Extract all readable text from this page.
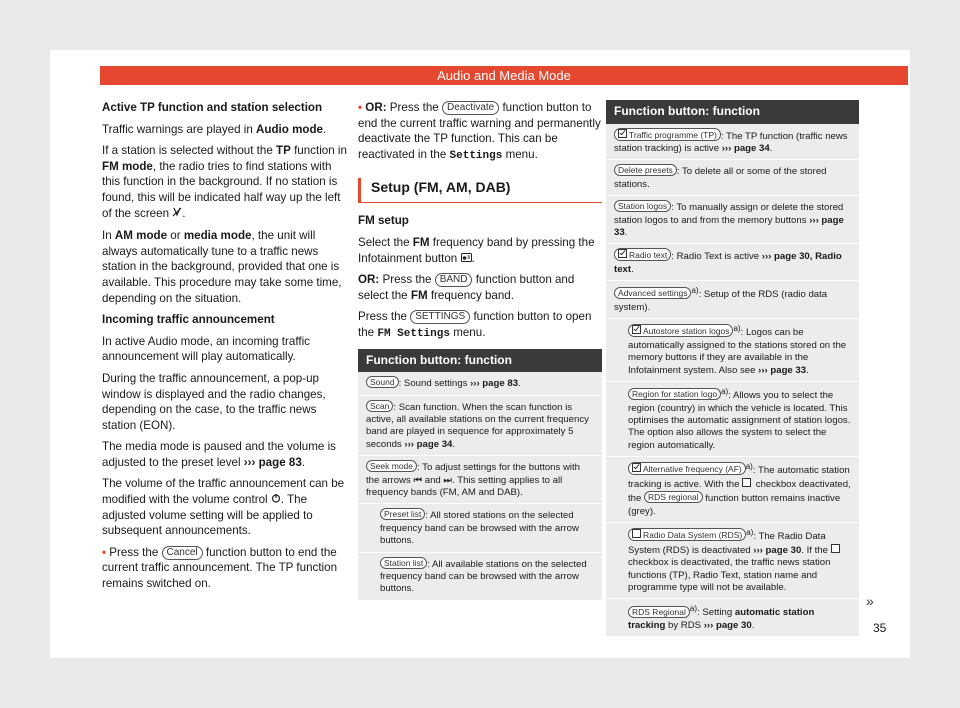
Audio and Media Mode

Active TP function and station selection

Traffic warnings are played in Audio mode.

If a station is selected without the TP function in FM mode, the radio tries to find stations with this function in the background. If no station is found, this will be indicated half way up the left of the screen .

In AM mode or media mode, the unit will always automatically tune to a traffic news station in the background, provided that one is available. This procedure may take some time, depending on the situation.

Incoming traffic announcement

In active Audio mode, an incoming traffic announcement will play automatically.

During the traffic announcement, a pop-up window is displayed and the radio changes, depending on the case, to the traffic news station (EON).

The media mode is paused and the volume is adjusted to the preset level ››› page 83.

The volume of the traffic announcement can be modified with the volume control . The adjusted volume setting will be applied to subsequent announcements.

• Press the Cancel function button to end the current traffic announcement. The TP function remains switched on.

• OR: Press the Deactivate function button to end the current traffic warning and permanently deactivate the TP function. This can be reactivated in the Settings menu.

Setup (FM, AM, DAB)

FM setup

Select the FM frequency band by pressing the Infotainment button .

OR: Press the BAND function button and select the FM frequency band.

Press the SETTINGS function button to open the FM Settings menu.

Function button: function
Sound : Sound settings ››› page 83.
Scan : Scan function. When the scan function is active, all available stations on the current frequency band are played in sequence for approximately 5 seconds ››› page 34.
Seek mode : To adjust settings for the buttons with the arrows ⏮ and ⏭. This setting applies to all frequency bands (FM, AM and DAB).
Preset list : All stored stations on the selected frequency band can be browsed with the arrow buttons.
Station list : All available stations on the selected frequency band can be browsed with the arrow buttons.
Function button: function
Traffic programme (TP) : The TP function (traffic news station tracking) is active ››› page 34.
Delete presets : To delete all or some of the stored stations.
Station logos : To manually assign or delete the stored station logos to and from the memory buttons ››› page 33.
Radio text : Radio Text is active ››› page 30, Radio text.
Advanced settings $^{a)}$: Setup of the RDS (radio data system).
Autostore station logos $^{a)}$: Logos can be automatically assigned to the stations stored on the memory buttons if they are available in the Infotainment system. Also see ››› page 33.
Region for station logo $^{a)}$: Allows you to select the region (country) in which the vehicle is located. This optimises the automatic assignment of station logos. The option also allows the system to select the region automatically.
Alternative frequency (AF) $^{a)}$: The automatic station tracking is active. With the  checkbox deactivated, the RDS regional function button remains inactive (grey).
Radio Data System (RDS) $^{a)}$: The Radio Data System (RDS) is deactivated ››› page 30. If the  checkbox is deactivated, the traffic news station functions (TP), Radio Text, station name and programme type will not be available.
RDS Regional $^{a)}$: Setting automatic station tracking by RDS ››› page 30.
»
35
